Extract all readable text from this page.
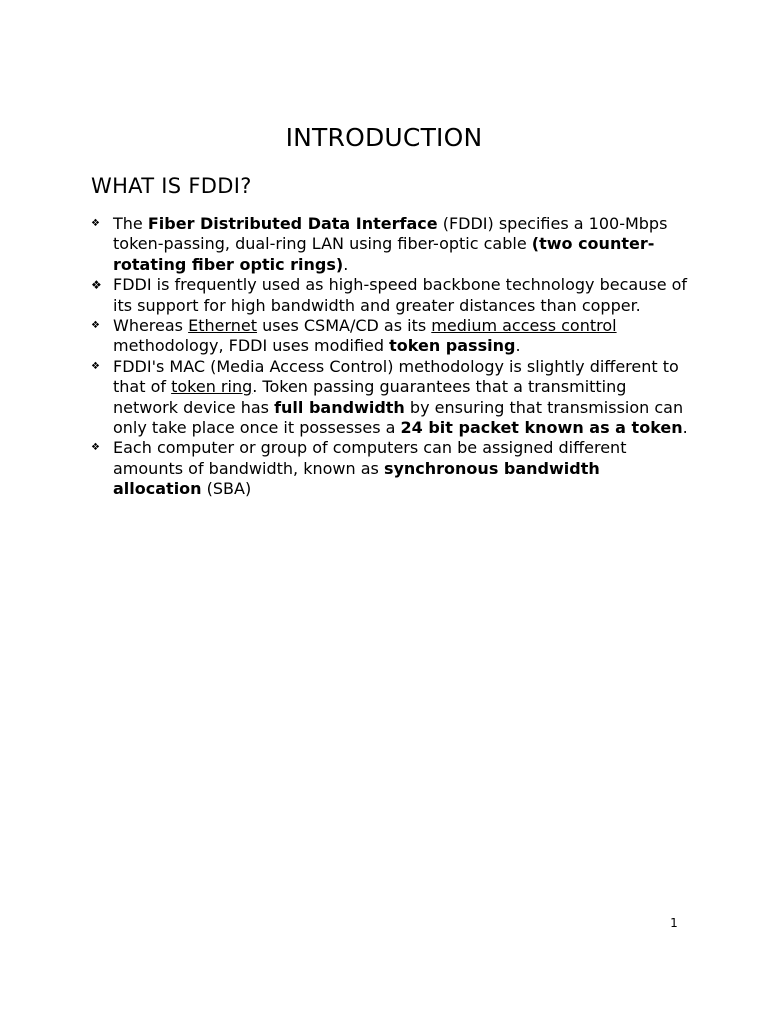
INTRODUCTION
WHAT IS FDDI?
❖ The Fiber Distributed Data Interface (FDDI) specifies a 100-Mbps token-passing, dual-ring LAN using fiber-optic cable (two counter-rotating fiber optic rings).
❖ FDDI is frequently used as high-speed backbone technology because of its support for high bandwidth and greater distances than copper.
❖ Whereas Ethernet uses CSMA/CD as its medium access control methodology, FDDI uses modified token passing.
❖ FDDI's MAC (Media Access Control) methodology is slightly different to that of token ring. Token passing guarantees that a transmitting network device has full bandwidth by ensuring that transmission can only take place once it possesses a 24 bit packet known as a token.
❖ Each computer or group of computers can be assigned different amounts of bandwidth, known as synchronous bandwidth allocation (SBA)
1
